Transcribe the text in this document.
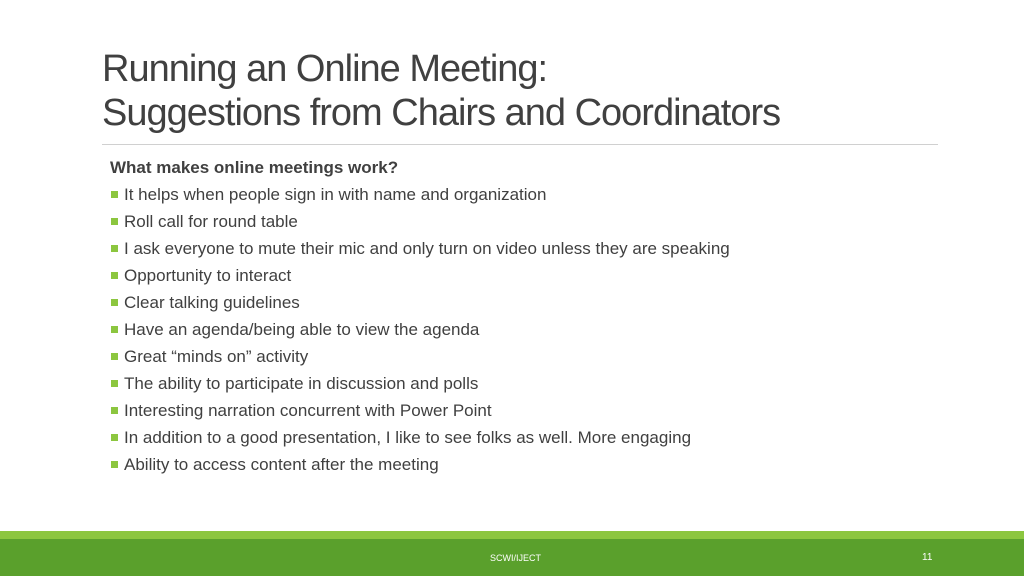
Running an Online Meeting:
Suggestions from Chairs and Coordinators
What makes online meetings work?
It helps when people sign in with name and organization
Roll call for round table
I ask everyone to mute their mic and only turn on video unless they are speaking
Opportunity to interact
Clear talking guidelines
Have an agenda/being able to view the agenda
Great “minds on” activity
The ability to participate in discussion and polls
Interesting narration concurrent with Power Point
In addition to a good presentation, I like to see folks as well. More engaging
Ability to access content after the meeting
SCWI/IJECT	11
